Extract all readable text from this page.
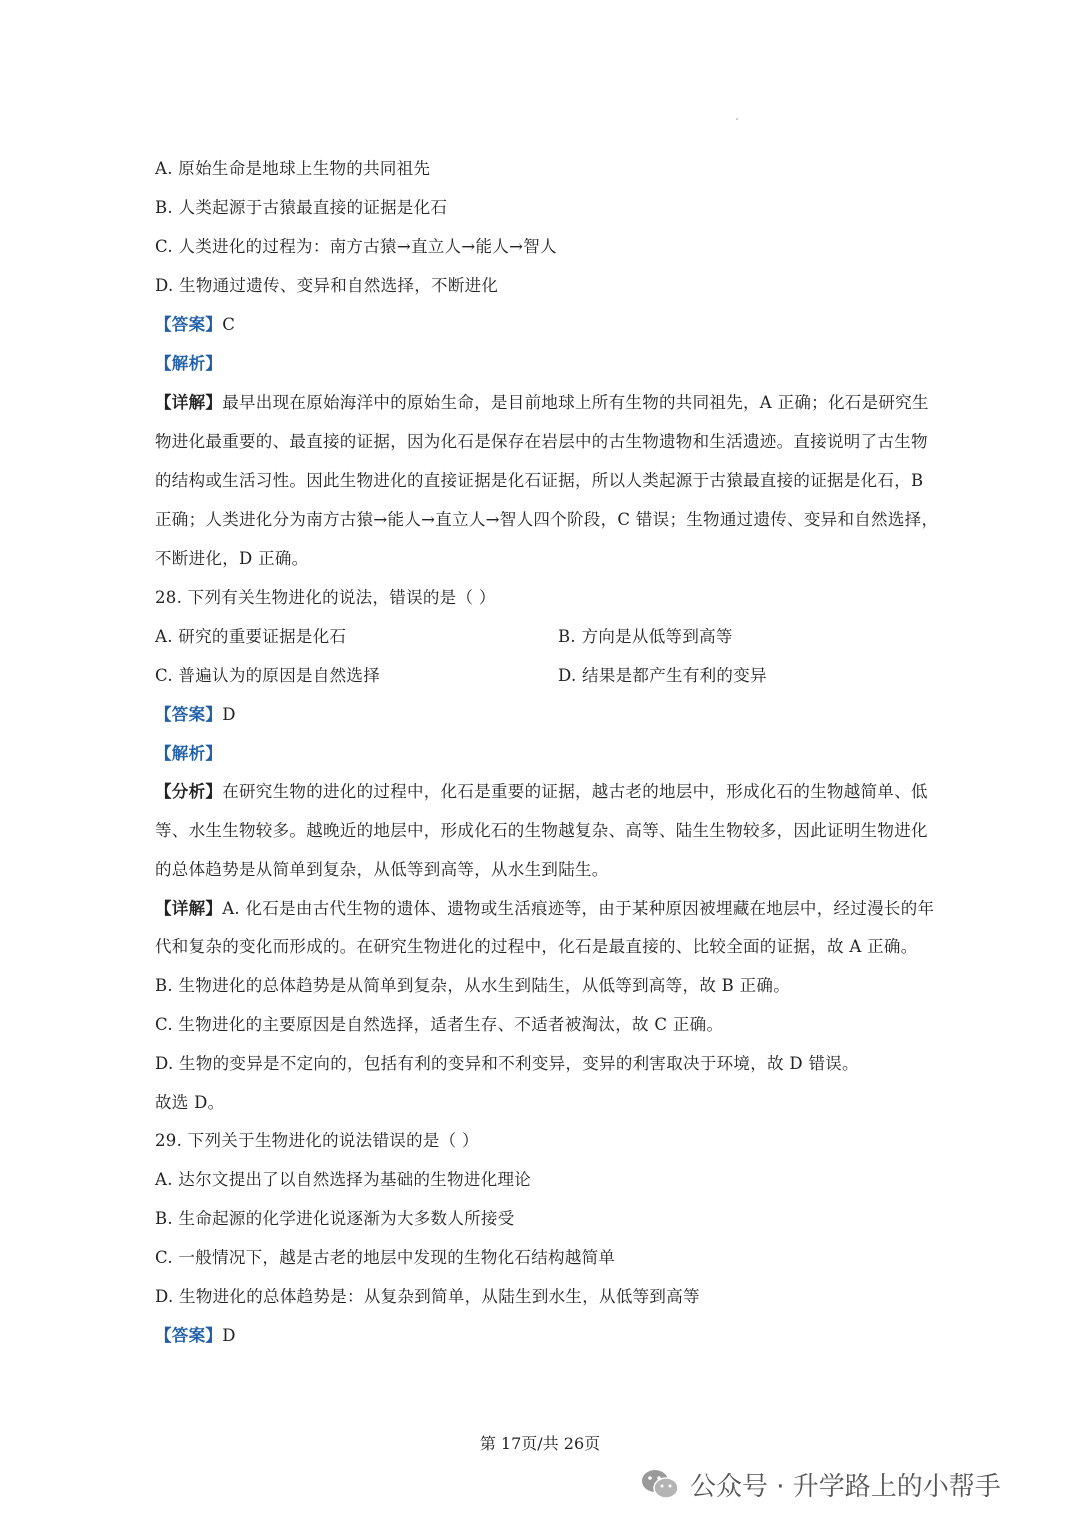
A. 原始生命是地球上生物的共同祖先
B. 人类起源于古猿最直接的证据是化石
C. 人类进化的过程为：南方古猿→直立人→能人→智人
D. 生物通过遗传、变异和自然选择，不断进化
【答案】C
【解析】
【详解】最早出现在原始海洋中的原始生命，是目前地球上所有生物的共同祖先，A 正确；化石是研究生
物进化最重要的、最直接的证据，因为化石是保存在岩层中的古生物遗物和生活遗迹。直接说明了古生物
的结构或生活习性。因此生物进化的直接证据是化石证据，所以人类起源于古猿最直接的证据是化石，B
正确；人类进化分为南方古猿→能人→直立人→智人四个阶段，C 错误；生物通过遗传、变异和自然选择，
不断进化，D 正确。
28. 下列有关生物进化的说法，错误的是（ ）
A. 研究的重要证据是化石	B. 方向是从低等到高等
C. 普遍认为的原因是自然选择	D. 结果是都产生有利的变异
【答案】D
【解析】
【分析】在研究生物的进化的过程中，化石是重要的证据，越古老的地层中，形成化石的生物越简单、低
等、水生生物较多。越晚近的地层中，形成化石的生物越复杂、高等、陆生生物较多，因此证明生物进化
的总体趋势是从简单到复杂，从低等到高等，从水生到陆生。
【详解】A. 化石是由古代生物的遗体、遗物或生活痕迹等，由于某种原因被埋藏在地层中，经过漫长的年
代和复杂的变化而形成的。在研究生物进化的过程中，化石是最直接的、比较全面的证据，故 A 正确。
B. 生物进化的总体趋势是从简单到复杂，从水生到陆生，从低等到高等，故 B 正确。
C. 生物进化的主要原因是自然选择，适者生存、不适者被淘汰，故 C 正确。
D. 生物的变异是不定向的，包括有利的变异和不利变异，变异的利害取决于环境，故 D 错误。
故选 D。
29. 下列关于生物进化的说法错误的是（ ）
A. 达尔文提出了以自然选择为基础的生物进化理论
B. 生命起源的化学进化说逐渐为大多数人所接受
C. 一般情况下，越是古老的地层中发现的生物化石结构越简单
D. 生物进化的总体趋势是：从复杂到简单，从陆生到水生，从低等到高等
【答案】D
第 17页/共 26页
公众号 · 升学路上的小帮手
